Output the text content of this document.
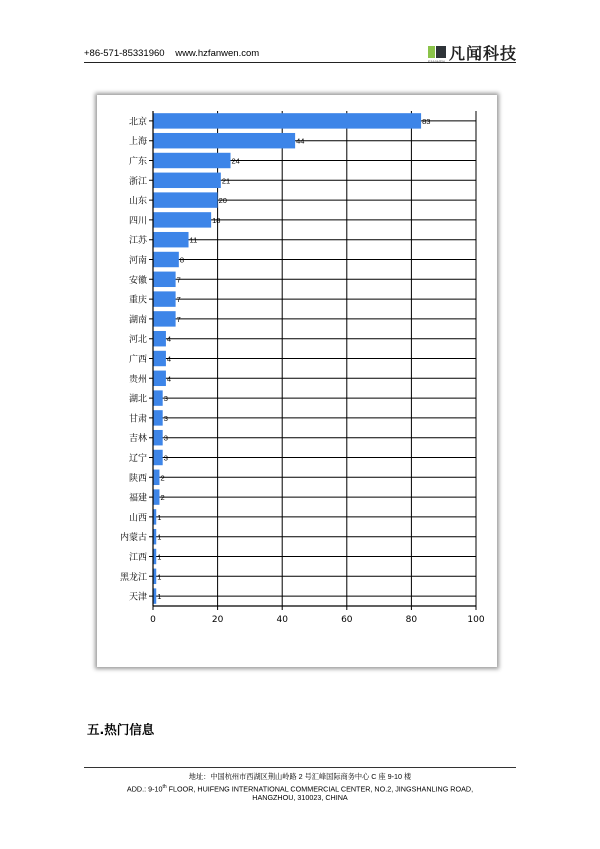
+86-571-85331960 www.hzfanwen.com
FANWEN 凡闻科技
0	20	40	60	80	100
北京	83
上海	44
广东	24
浙江	21
山东	20
四川	18
江苏	11
河南	8
安徽	7
重庆	7
湖南	7
河北	4
广西	4
贵州	4
湖北 3
甘肃 3
吉林 3
辽宁 3
陕西 2
福建 2
山西 1
内蒙古 1
江西 1
黑龙江 1
天津 1
五.热门信息
地址：中国杭州市西湖区荆山岭路 2 号汇峰国际商务中心 C 座 9-10 楼
ADD.: 9-10th FLOOR, HUIFENG INTERNATIONAL COMMERCIAL CENTER, NO.2, JINGSHANLING ROAD,
HANGZHOU, 310023, CHINA
